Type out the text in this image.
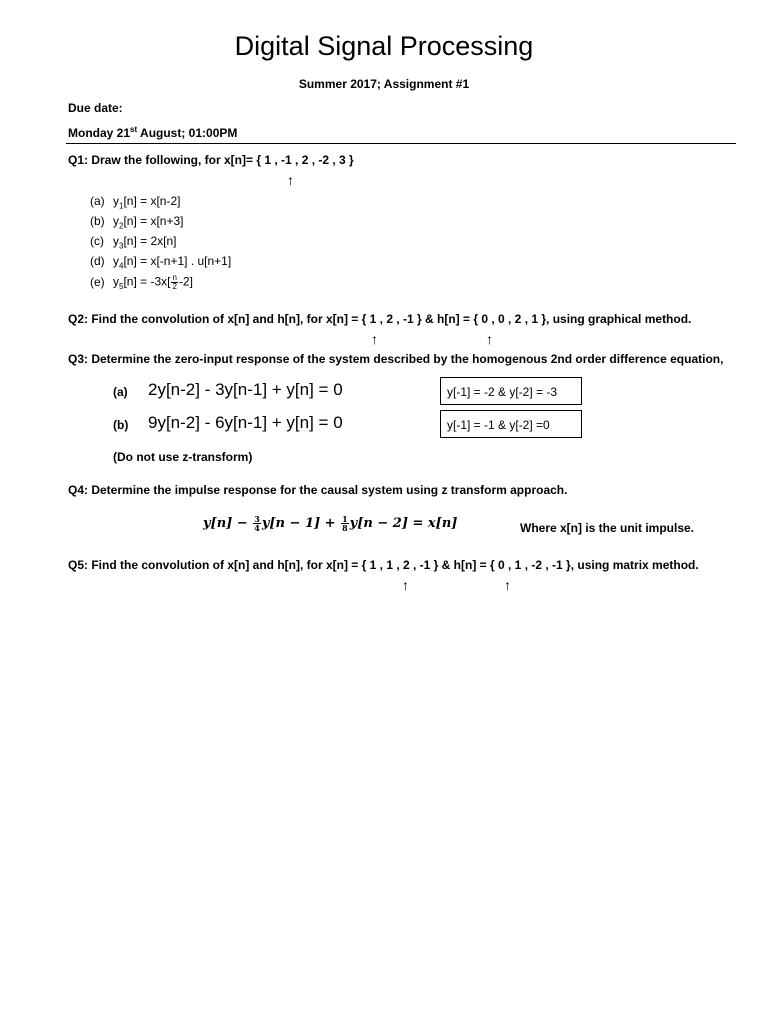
Digital Signal Processing
Summer 2017; Assignment #1
Due date:
Monday 21st August; 01:00PM
Q1: Draw the following, for x[n]= { 1 , -1 , 2 , -2 , 3 }
↑
(a) $y_1[n] = x[n-2]$
(b) $y_2[n] = x[n+3]$
(c) $y_3[n] = 2x[n]$
(d) $y_4[n] = x[-n+1]$ . u[n+1]
(e) $y_5[n] = -3x[ \frac{n}{2} -2]$
Q2: Find the convolution of x[n] and h[n], for x[n] = { 1 , 2 , -1 } & h[n] = { 0 , 0 , 2 , 1 }, using graphical method.
↑	↑
Q3: Determine the zero-input response of the system described by the homogenous 2nd order difference equation,
(a) 2y[n-2] - 3y[n-1] + y[n] = 0	y[-1] = -2 & y[-2] = -3
(b) 9y[n-2] - 6y[n-1] + y[n] = 0	y[-1] = -1 & y[-2] =0
(Do not use z-transform)
Q4: Determine the impulse response for the causal system using z transform approach.
$y[n] - \frac{3}{4} y[n - 1] + \frac{1}{8} y[n - 2] = x[n]$	Where x[n] is the unit impulse.
Q5: Find the convolution of x[n] and h[n], for x[n] = { 1 , 1 , 2 , -1 } & h[n] = { 0 , 1 , -2 , -1 }, using matrix method.
↑	↑
